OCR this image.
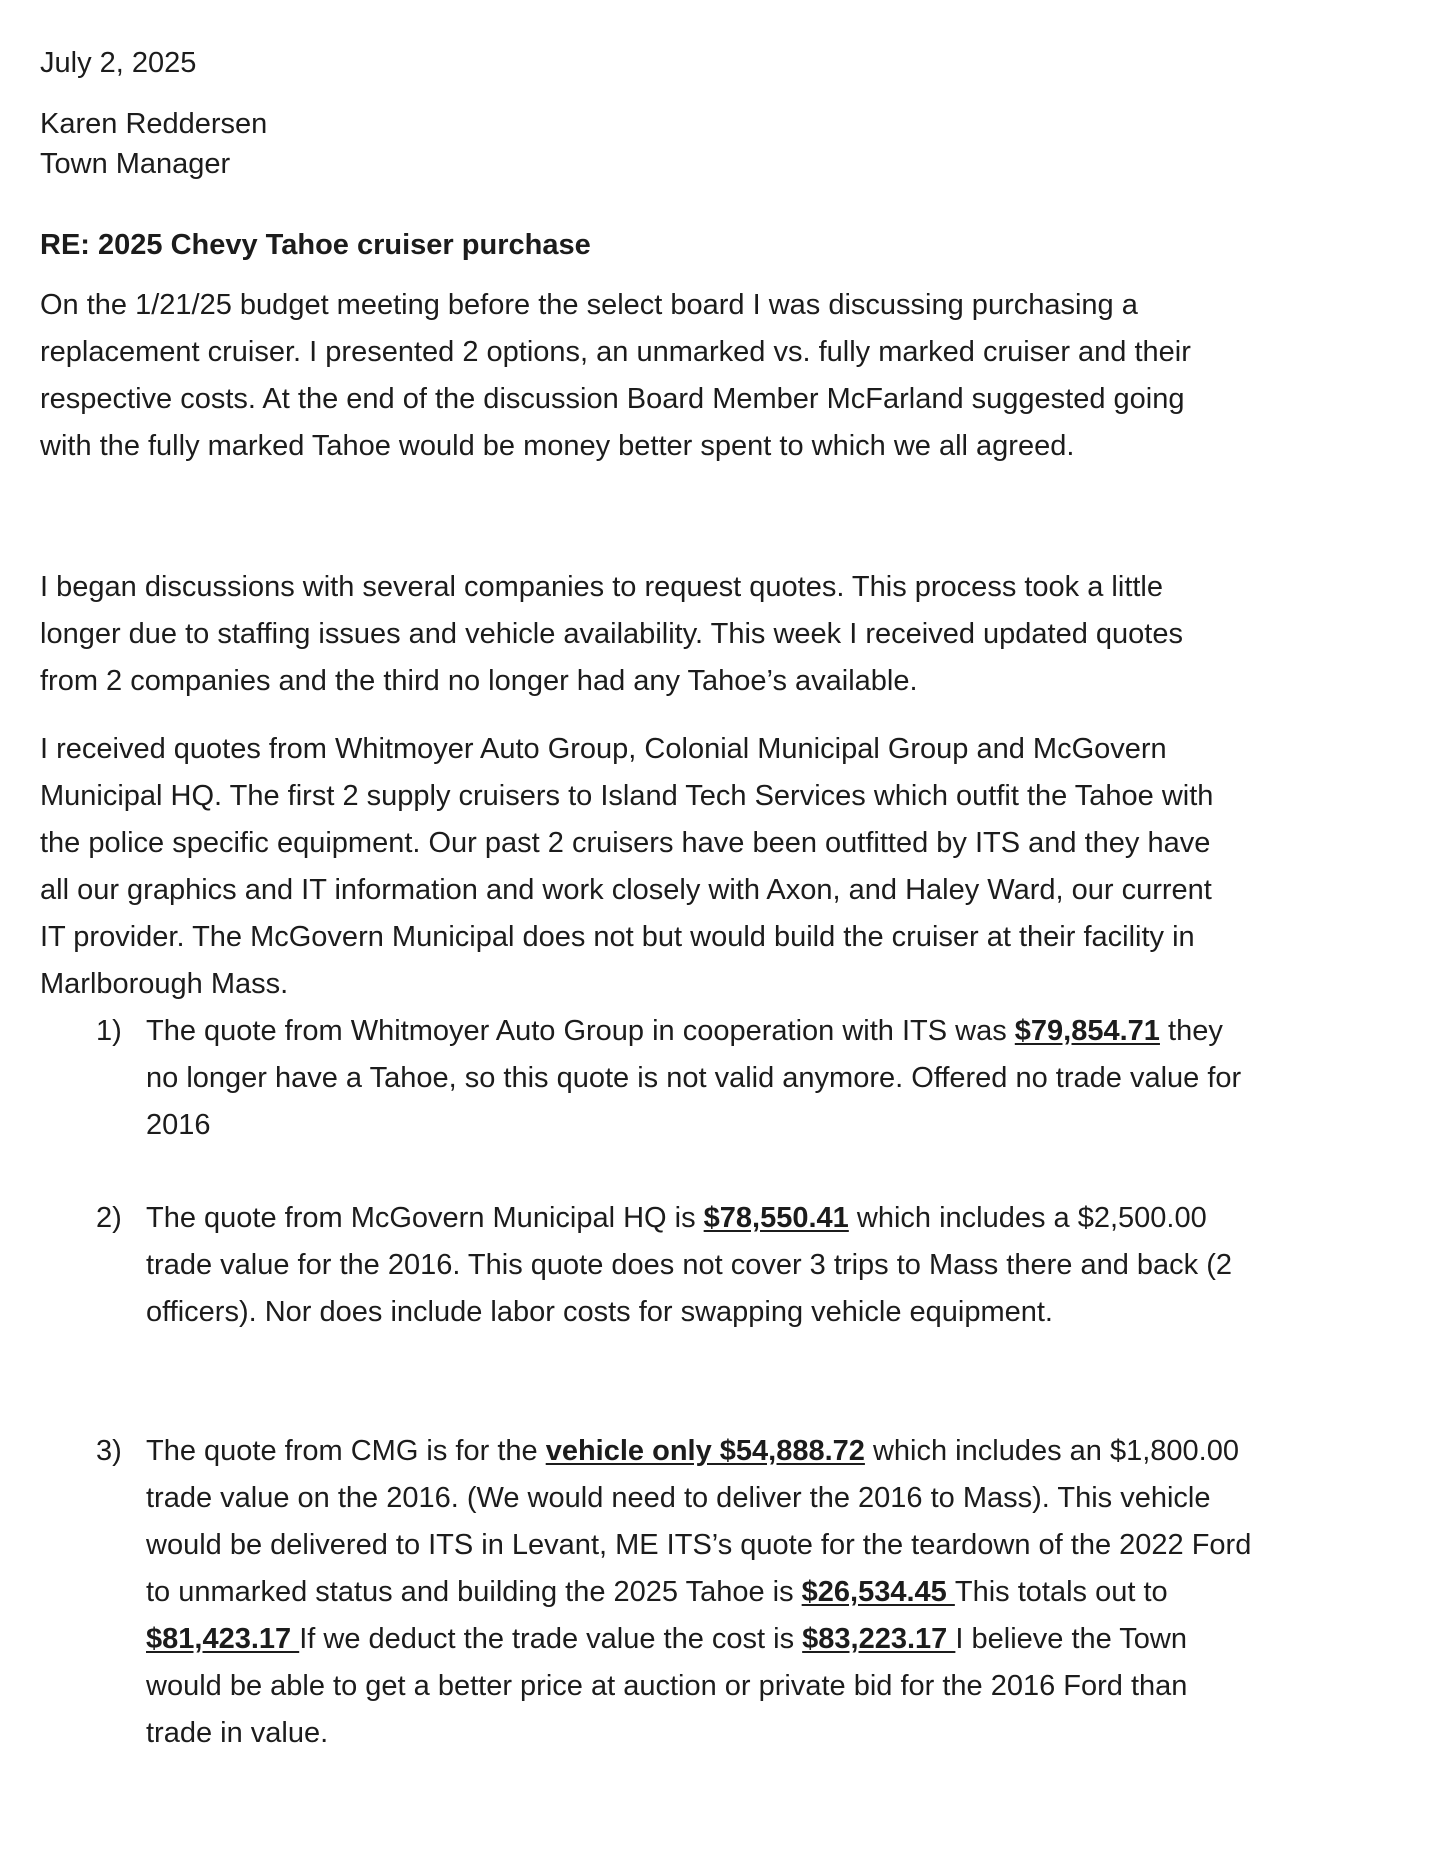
July 2, 2025
Karen Reddersen
Town Manager
RE: 2025 Chevy Tahoe cruiser purchase
On the 1/21/25 budget meeting before the select board I was discussing purchasing a
replacement cruiser. I presented 2 options, an unmarked vs. fully marked cruiser and their
respective costs. At the end of the discussion Board Member McFarland suggested going
with the fully marked Tahoe would be money better spent to which we all agreed.
I began discussions with several companies to request quotes. This process took a little
longer due to staffing issues and vehicle availability. This week I received updated quotes
from 2 companies and the third no longer had any Tahoe’s available.
I received quotes from Whitmoyer Auto Group, Colonial Municipal Group and McGovern
Municipal HQ. The first 2 supply cruisers to Island Tech Services which outfit the Tahoe with
the police specific equipment. Our past 2 cruisers have been outfitted by ITS and they have
all our graphics and IT information and work closely with Axon, and Haley Ward, our current
IT provider. The McGovern Municipal does not but would build the cruiser at their facility in
Marlborough Mass.
1) The quote from Whitmoyer Auto Group in cooperation with ITS was $79,854.71 they
no longer have a Tahoe, so this quote is not valid anymore. Offered no trade value for
2016
2) The quote from McGovern Municipal HQ is $78,550.41 which includes a $2,500.00
trade value for the 2016. This quote does not cover 3 trips to Mass there and back (2
officers). Nor does include labor costs for swapping vehicle equipment.
3) The quote from CMG is for the vehicle only $54,888.72 which includes an $1,800.00
trade value on the 2016. (We would need to deliver the 2016 to Mass). This vehicle
would be delivered to ITS in Levant, ME ITS’s quote for the teardown of the 2022 Ford
to unmarked status and building the 2025 Tahoe is $26,534.45 This totals out to
$81,423.17 If we deduct the trade value the cost is $83,223.17 I believe the Town
would be able to get a better price at auction or private bid for the 2016 Ford than
trade in value.
